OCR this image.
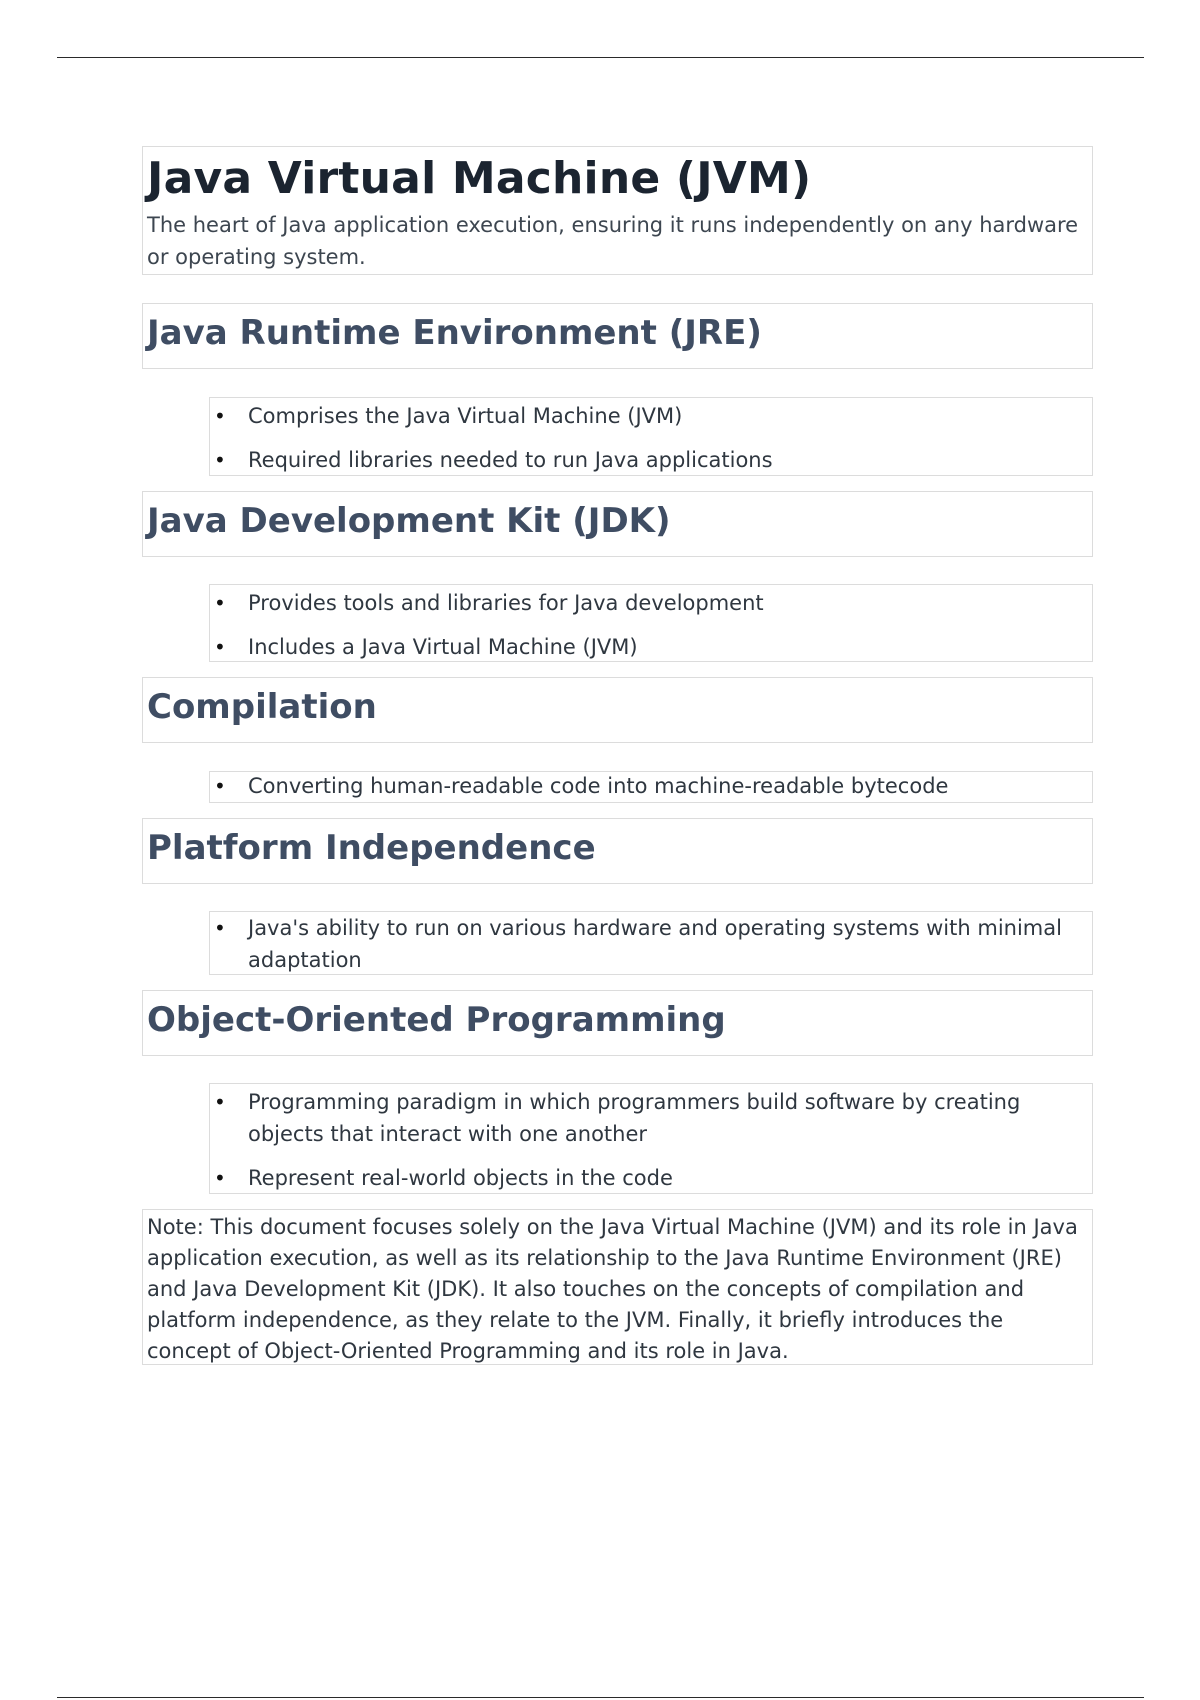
Java Virtual Machine (JVM)

The heart of Java application execution, ensuring it runs independently on any hardware or operating system.

Java Runtime Environment (JRE)
• Comprises the Java Virtual Machine (JVM)
• Required libraries needed to run Java applications
Java Development Kit (JDK)
• Provides tools and libraries for Java development
• Includes a Java Virtual Machine (JVM)
Compilation
• Converting human-readable code into machine-readable bytecode
Platform Independence
• Java's ability to run on various hardware and operating systems with minimal adaptation
Object-Oriented Programming
• Programming paradigm in which programmers build software by creating objects that interact with one another
• Represent real-world objects in the code

Note: This document focuses solely on the Java Virtual Machine (JVM) and its role in Java application execution, as well as its relationship to the Java Runtime Environment (JRE) and Java Development Kit (JDK). It also touches on the concepts of compilation and platform independence, as they relate to the JVM. Finally, it briefly introduces the concept of Object-Oriented Programming and its role in Java.
